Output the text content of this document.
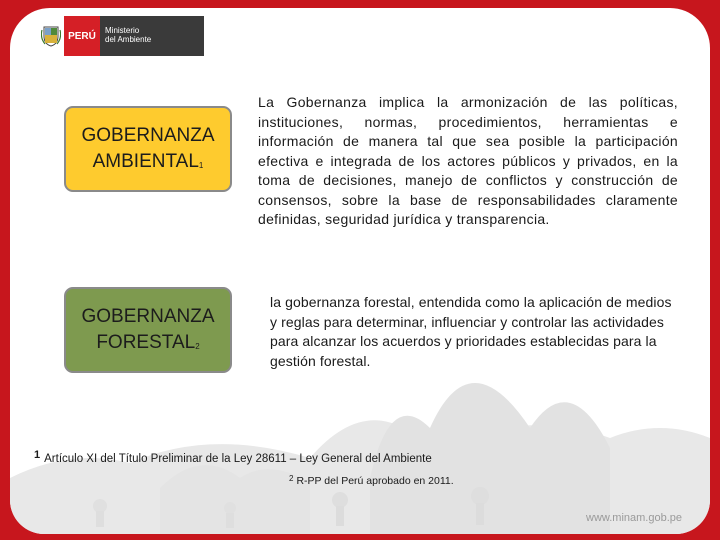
PERÚ	Ministerio
del Ambiente
GOBERNANZA
AMBIENTAL$^1$
GOBERNANZA
FORESTAL$^2$

La Gobernanza implica la armonización de las políticas, instituciones, normas, procedimientos, herramientas e información de manera tal que sea posible la participación efectiva e integrada de los actores públicos y privados, en la toma de decisiones, manejo de conflictos y construcción de consensos, sobre la base de responsabilidades claramente definidas, seguridad jurídica y transparencia.

la gobernanza forestal, entendida como la aplicación de medios y reglas para determinar, influenciar y controlar las actividades para alcanzar los acuerdos y prioridades establecidas para la gestión forestal.

1 Artículo XI del Título Preliminar de la Ley 28611 – Ley General del Ambiente
$^2$ R-PP del Perú aprobado en 2011.
www.minam.gob.pe
